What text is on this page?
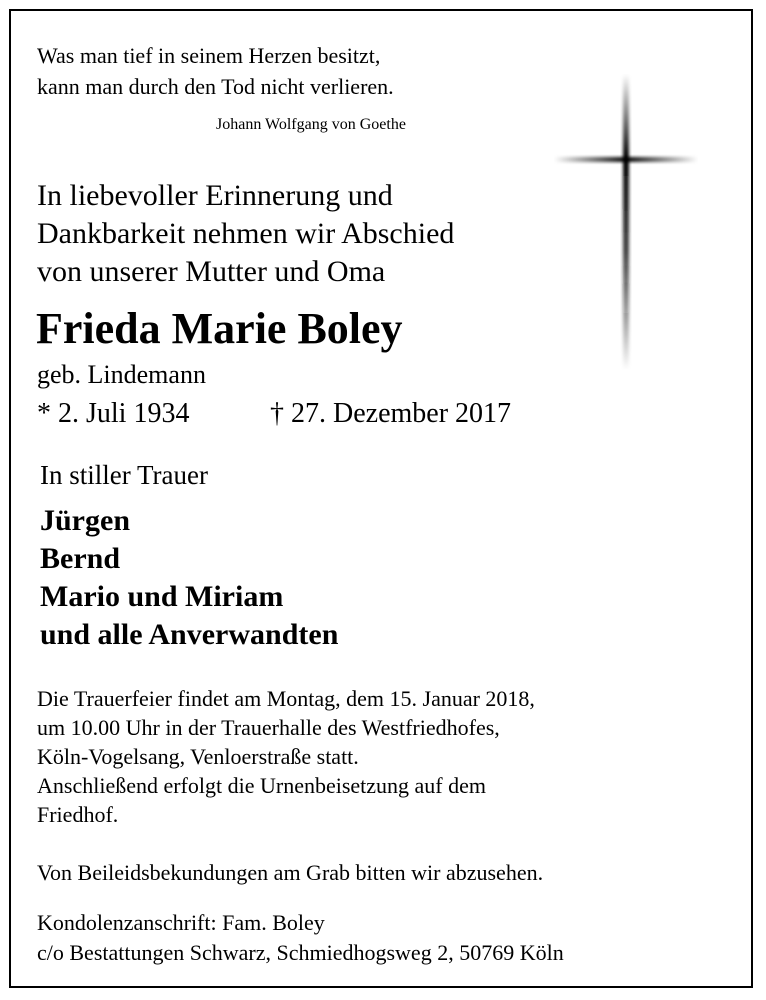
Was man tief in seinem Herzen besitzt,
kann man durch den Tod nicht verlieren.
Johann Wolfgang von Goethe
In liebevoller Erinnerung und
Dankbarkeit nehmen wir Abschied
von unserer Mutter und Oma
Frieda Marie Boley
geb. Lindemann
* 2. Juli 1934	† 27. Dezember 2017
In stiller Trauer
Jürgen
Bernd
Mario und Miriam
und alle Anverwandten
Die Trauerfeier findet am Montag, dem 15. Januar 2018,
um 10.00 Uhr in der Trauerhalle des Westfriedhofes,
Köln-Vogelsang, Venloerstraße statt.
Anschließend erfolgt die Urnenbeisetzung auf dem
Friedhof.
Von Beileidsbekundungen am Grab bitten wir abzusehen.
Kondolenzanschrift: Fam. Boley
c/o Bestattungen Schwarz, Schmiedhogsweg 2, 50769 Köln
